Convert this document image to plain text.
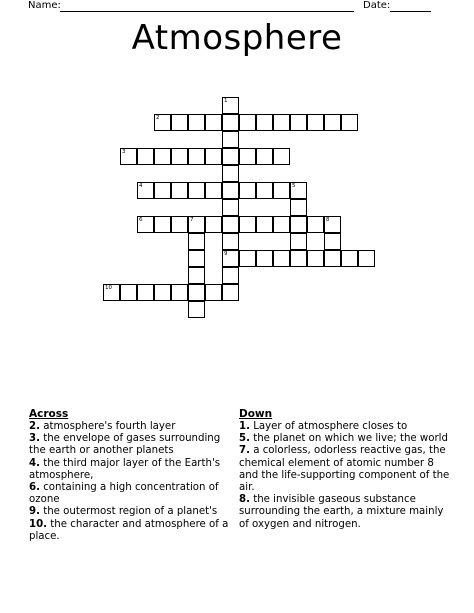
Name:	Date:
Atmosphere
1
9
2
3
4	5
6	7	8
10
Across
2. atmosphere's fourth layer
3. the envelope of gases surrounding the earth or another planets
4. the third major layer of the Earth's atmosphere,
6. containing a high concentration of ozone
9. the outermost region of a planet's
10. the character and atmosphere of a place.
Down
1. Layer of atmosphere closes to
5. the planet on which we live; the world
7. a colorless, odorless reactive gas, the chemical element of atomic number 8 and the life-supporting component of the air.
8. the invisible gaseous substance surrounding the earth, a mixture mainly of oxygen and nitrogen.
